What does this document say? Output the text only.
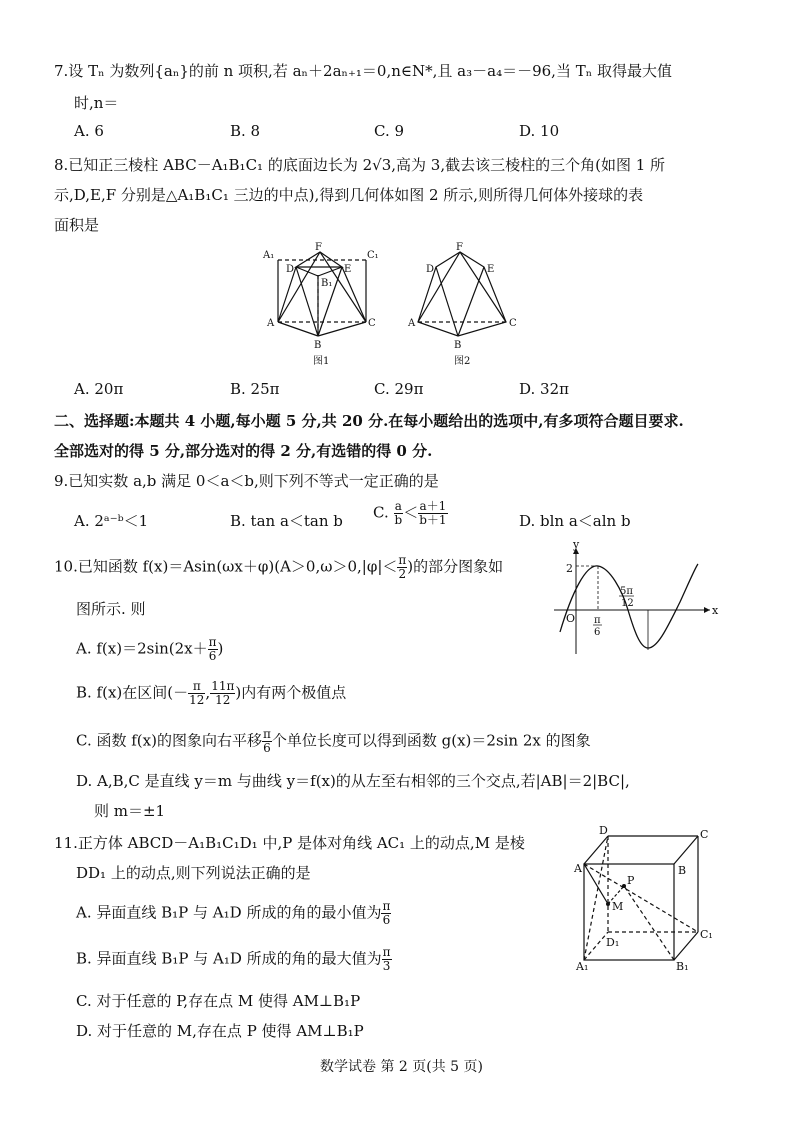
7.设 Tₙ 为数列{aₙ}的前 n 项积,若 aₙ＋2aₙ₊₁＝0,n∈N*,且 a₃－a₄＝－96,当 Tₙ 取得最大值
时,n＝
A. 6	B. 8	C. 9	D. 10
8.已知正三棱柱 ABC－A₁B₁C₁ 的底面边长为 2√3,高为 3,截去该三棱柱的三个角(如图 1 所
示,D,E,F 分别是△A₁B₁C₁ 三边的中点),得到几何体如图 2 所示,则所得几何体外接球的表
面积是
A₁
F
C₁
D	E
B₁
A	C
B
图1
F
D	E
A	C
B
图2
A. 20π	B. 25π	C. 29π	D. 32π
二、选择题:本题共 4 小题,每小题 5 分,共 20 分.在每小题给出的选项中,有多项符合题目要求.
全部选对的得 5 分,部分选对的得 2 分,有选错的得 0 分.
9.已知实数 a,b 满足 0＜a＜b,则下列不等式一定正确的是
A. 2ᵃ⁻ᵇ＜1	B. tan a＜tan b C. $\frac{a}{b} < \frac{a+1}{b+1}$	D. bln a＜aln b
10.已知函数 $f(x)=Asin(\omega x+\varphi)(A>0,\omega>0,|\varphi|< \frac{\pi}{2}$ )的部分图象如
图所示. 则
y
2
O
x
π
6
5π
12
A. $f(x)=2\sin(2x+ \frac{\pi}{6}$ )
B. f(x)在区间(－ $\frac{\pi}{12}$ , $\frac{11\pi}{12}$ )内有两个极值点
C. 函数 f(x)的图象向右平移 $\frac{\pi}{6}$ 个单位长度可以得到函数 g(x)＝2sin 2x 的图象
D. A,B,C 是直线 y＝m 与曲线 y＝f(x)的从左至右相邻的三个交点,若|AB|＝2|BC|,
则 m＝±1
11.正方体 ABCD－A₁B₁C₁D₁ 中,P 是体对角线 AC₁ 上的动点,M 是棱
DD₁ 上的动点,则下列说法正确的是
D	C
A	B
P
M
D₁
C₁
A₁	B₁
A. 异面直线 B₁P 与 A₁D 所成的角的最小值为 $\frac{\pi}{6}$
B. 异面直线 B₁P 与 A₁D 所成的角的最大值为 $\frac{\pi}{3}$
C. 对于任意的 P,存在点 M 使得 AM⊥B₁P
D. 对于任意的 M,存在点 P 使得 AM⊥B₁P
数学试卷 第 2 页(共 5 页)
